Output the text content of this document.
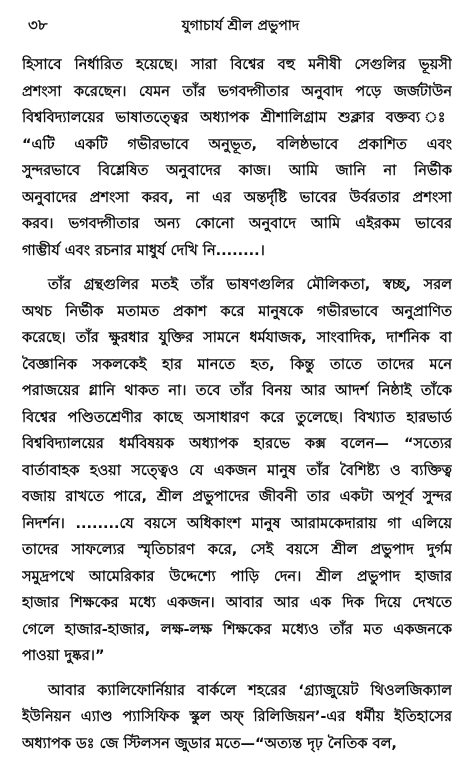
৩৮	যুগাচার্য শ্রীল প্রভুপাদ
হিসাবে নির্ধারিত হয়েছে। সারা বিশ্বের বহু মনীষী সেগুলির ভূয়সী
প্রশংসা করেছেন। যেমন তাঁর ভগবদ্গীতার অনুবাদ পড়ে জর্জটাউন
বিশ্ববিদ্যালয়ের ভাষাতত্ত্বের অধ্যাপক শ্রীশালিগ্রাম শুক্লার বক্তব্য ঃ
“এটি একটি গভীরভাবে অনুভূত, বলিষ্ঠভাবে প্রকাশিত এবং
সুন্দরভাবে বিশ্লেষিত অনুবাদের কাজ। আমি জানি না নির্ভীক
অনুবাদের প্রশংসা করব, না এর অন্তর্দৃষ্টি ভাবের উর্বরতার প্রশংসা
করব। ভগবদ্গীতার অন্য কোনো অনুবাদে আমি এইরকম ভাবের
গাম্ভীর্য এবং রচনার মাধুর্য দেখি নি........।
তাঁর গ্রন্থগুলির মতই তাঁর ভাষণগুলির মৌলিকতা, স্বচ্ছ, সরল
অথচ নির্ভীক মতামত প্রকাশ করে মানুষকে গভীরভাবে অনুপ্রাণিত
করেছে। তাঁর ক্ষুরধার যুক্তির সামনে ধর্মযাজক, সাংবাদিক, দার্শনিক বা
বৈজ্ঞানিক সকলকেই হার মানতে হত, কিন্তু তাতে তাদের মনে
পরাজয়ের গ্লানি থাকত না। তবে তাঁর বিনয় আর আদর্শ নিষ্ঠাই তাঁকে
বিশ্বের পণ্ডিতশ্রেণীর কাছে অসাধারণ করে তুলেছে। বিখ্যাত হারভার্ড
বিশ্ববিদ্যালয়ের ধর্মবিষয়ক অধ্যাপক হারভে কক্স বলেন— “সত্যের
বার্তাবাহক হওয়া সত্ত্বেও যে একজন মানুষ তাঁর বৈশিষ্ট্য ও ব্যক্তিত্ব
বজায় রাখতে পারে, শ্রীল প্রভুপাদের জীবনী তার একটা অপূর্ব সুন্দর
নিদর্শন। ........যে বয়সে অধিকাংশ মানুষ আরামকেদারায় গা এলিয়ে
তাদের সাফল্যের স্মৃতিচারণ করে, সেই বয়সে শ্রীল প্রভুপাদ দুর্গম
সমুদ্রপথে আমেরিকার উদ্দেশ্যে পাড়ি দেন। শ্রীল প্রভুপাদ হাজার
হাজার শিক্ষকের মধ্যে একজন। আবার আর এক দিক দিয়ে দেখতে
গেলে হাজার-হাজার, লক্ষ-লক্ষ শিক্ষকের মধ্যেও তাঁর মত একজনকে
পাওয়া দুষ্কর।”
আবার ক্যালিফোর্নিয়ার বার্কলে শহরের ‘গ্র্যাজুয়েট থিওলজিক্যাল
ইউনিয়ন এ্যাণ্ড প্যাসিফিক স্কুল অফ্ রিলিজিয়ন’-এর ধর্মীয় ইতিহাসের
অধ্যাপক ডঃ জে স্টিলসন জুডার মতে—“অত্যন্ত দৃঢ় নৈতিক বল,
